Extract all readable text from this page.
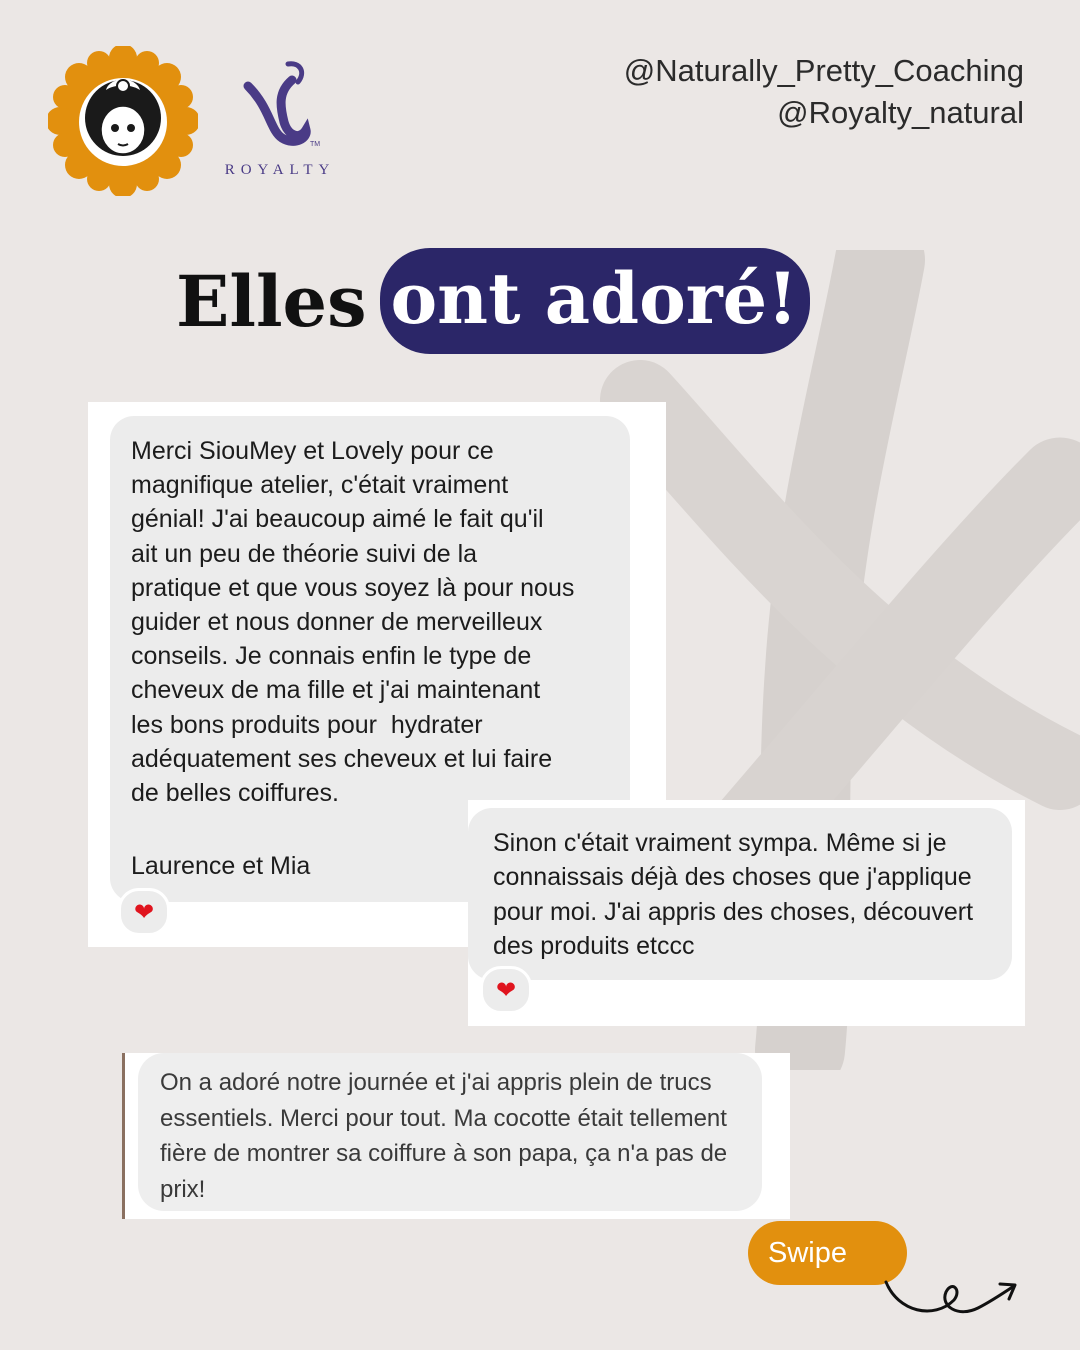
TM
ROYALTY
@Naturally_Pretty_Coaching
@Royalty_natural
Elles ont adoré!
Merci SiouMey et Lovely pour ce
magnifique atelier, c'était vraiment
génial! J'ai beaucoup aimé le fait qu'il
ait un peu de théorie suivi de la
pratique et que vous soyez là pour nous
guider et nous donner de merveilleux
conseils. Je connais enfin le type de
cheveux de ma fille et j'ai maintenant
les bons produits pour  hydrater
adéquatement ses cheveux et lui faire
de belles coiffures.
Laurence et Mia
❤
Sinon c'était vraiment sympa. Même si je connaissais déjà des choses que j'applique pour moi. J'ai appris des choses, découvert des produits etccc
❤
On a adoré notre journée et j'ai appris plein de trucs essentiels. Merci pour tout. Ma cocotte était tellement fière de montrer sa coiffure à son papa, ça n'a pas de prix!
Swipe
